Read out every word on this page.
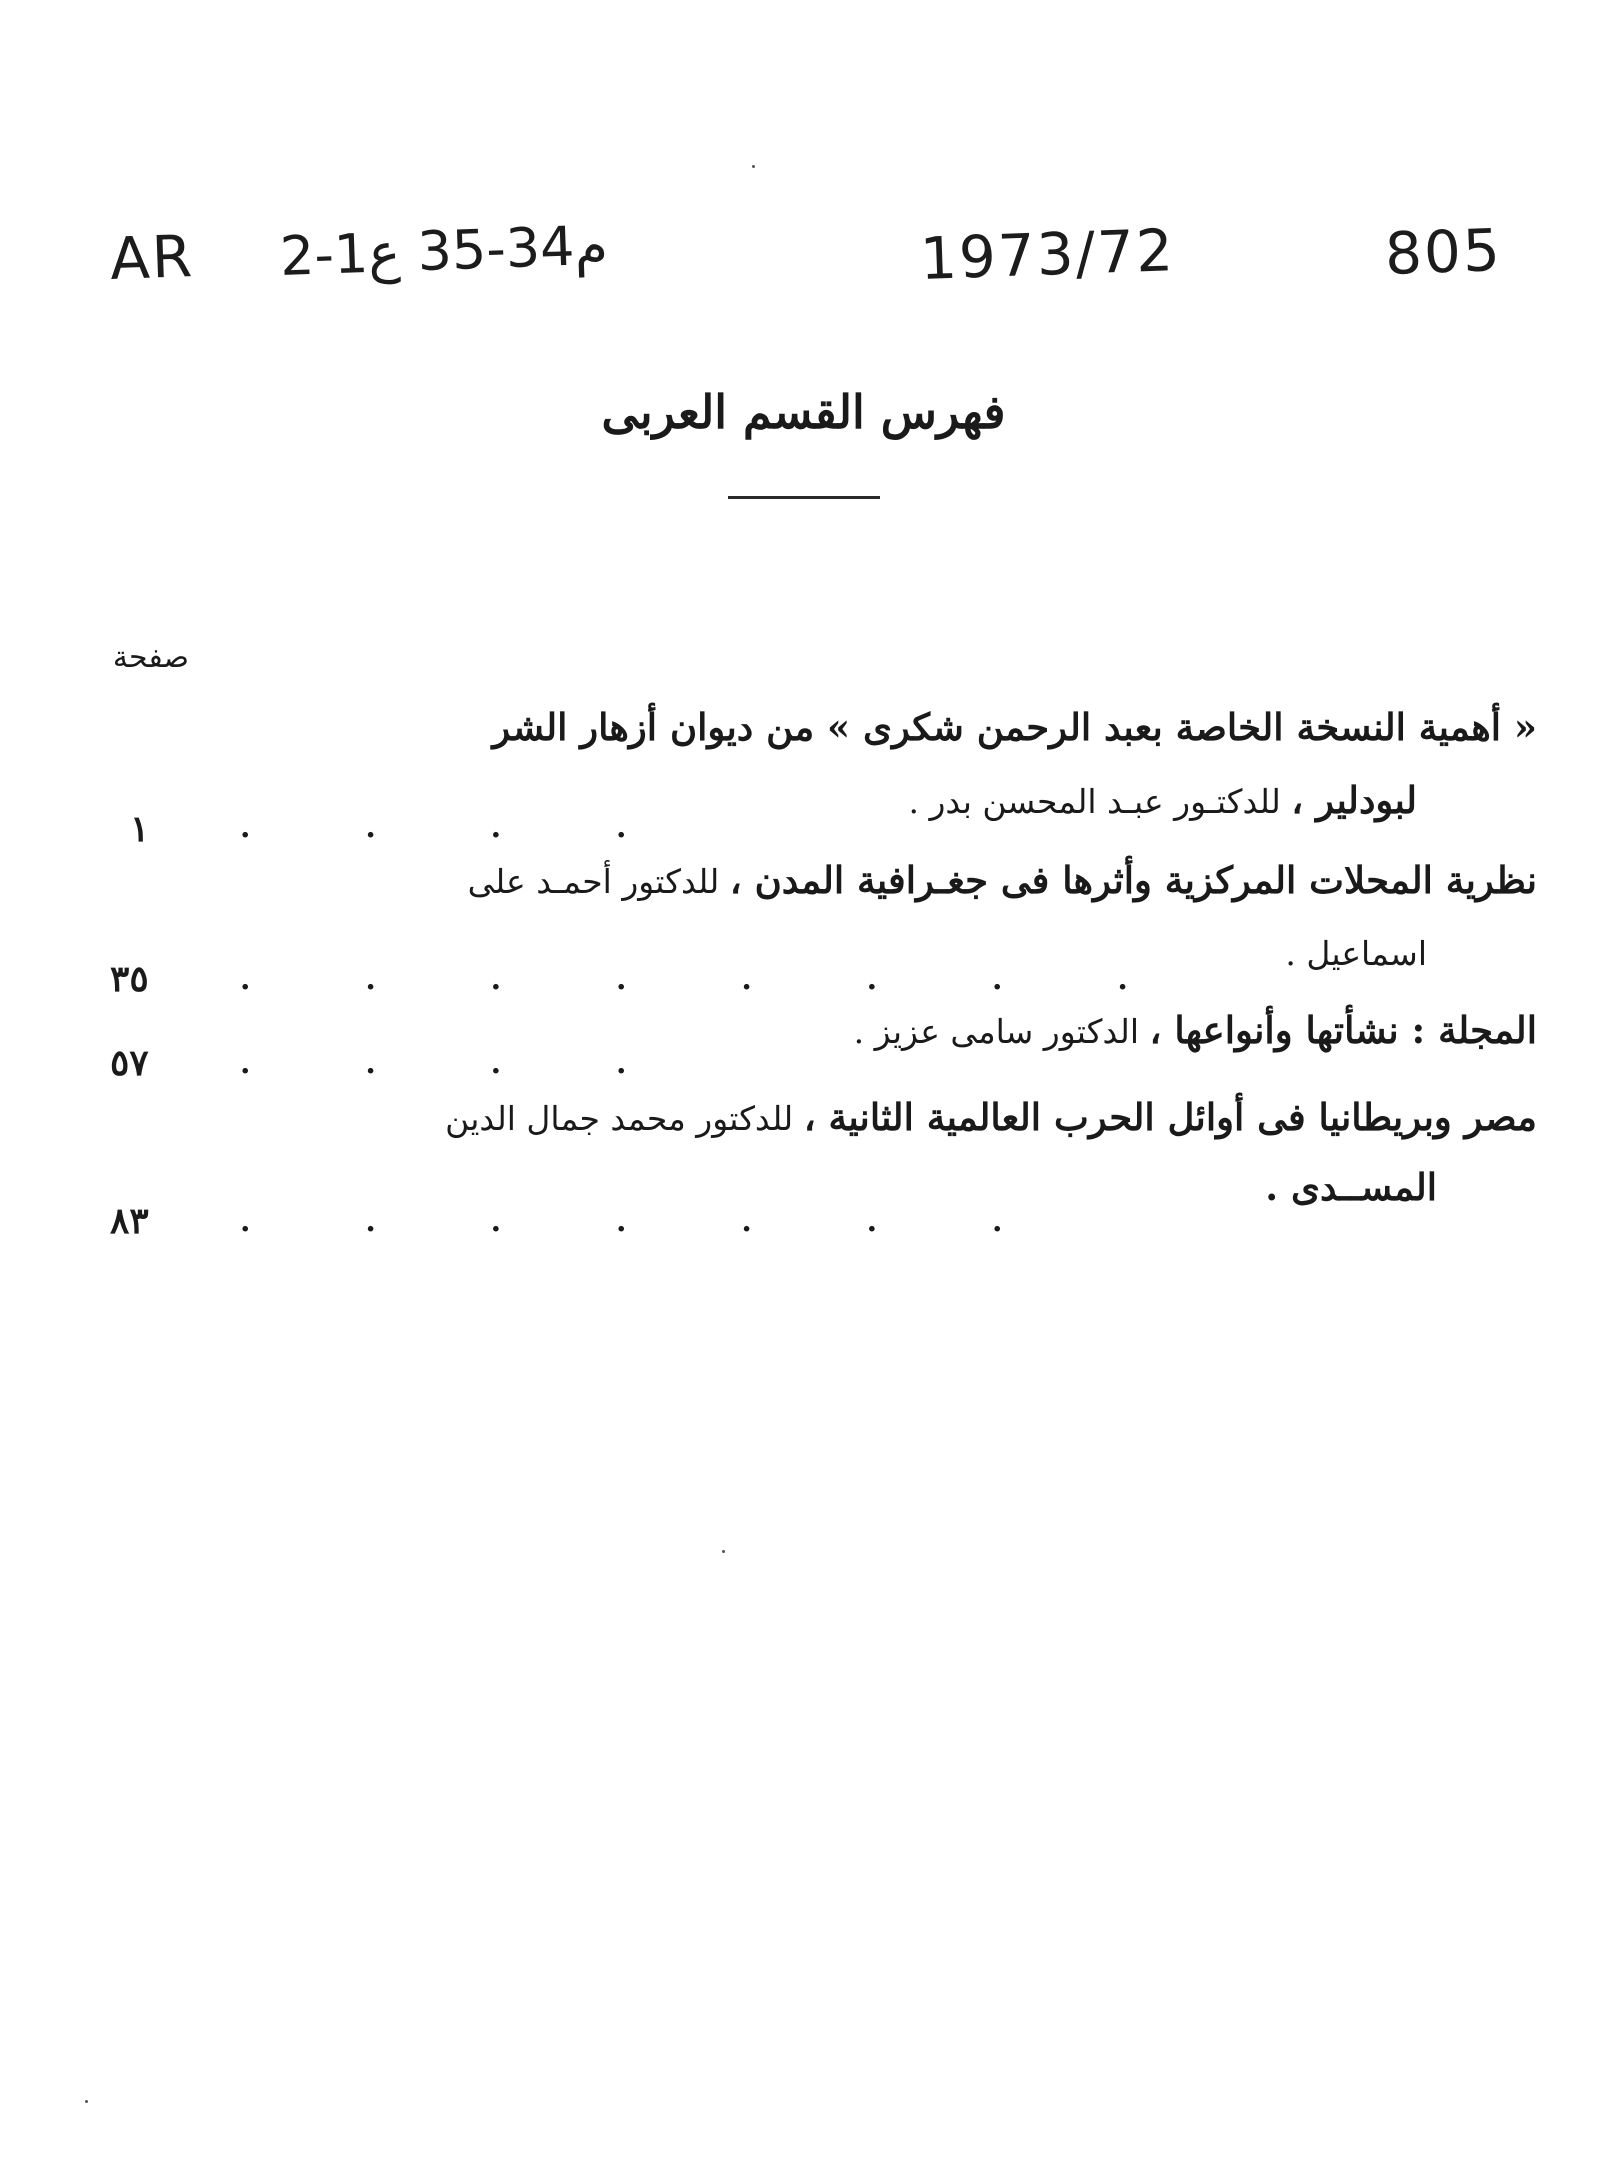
AR م34-35 ع1-2	1973/72	805
فهرس القسم العربى
صفحة
« أهمية النسخة الخاصة بعبد الرحمن شكرى » من ديوان أزهار الشر
لبودلير ، للدكتـور عبـد المحسن بدر .
.           .           .           .
١
نظرية المحلات المركزية وأثرها فى جغـرافية المدن ، للدكتور أحمـد على
اسماعيل .
.           .           .           .           .           .           .           .
٣٥
المجلة : نشأتها وأنواعها ، الدكتور سامى عزيز .
.           .           .           .
٥٧
مصر وبريطانيا فى أوائل الحرب العالمية الثانية ، للدكتور محمد جمال الدين
المســدى .
.           .           .           .           .           .           .
٨٣
